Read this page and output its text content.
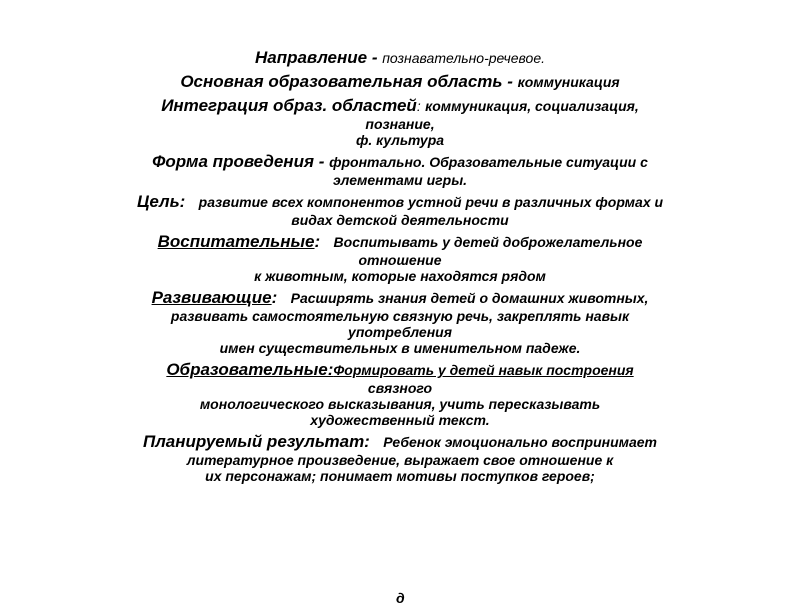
Направление - познавательно-речевое.
Основная образовательная область - коммуникация
Интеграция образ. областей: коммуникация, социализация,
познание,
ф. культура
Форма проведения - фронтально. Образовательные ситуации с
элементами игры.
Цель: развитие всех компонентов устной речи в различных формах и
видах детской деятельности
Воспитательные: Воспитывать у детей доброжелательное
отношение
к животным, которые находятся рядом
Развивающие: Расширять знания детей о домашних животных,
развивать самостоятельную связную речь, закреплять навык
употребления
имен существительных в именительном падеже.
Образовательные:Формировать у детей навык построения
связного
монологического высказывания, учить пересказывать
художественный текст.
Планируемый результат: Ребенок эмоционально воспринимает
литературное произведение, выражает свое отношение к
их персонажам; понимает мотивы поступков героев;
д
